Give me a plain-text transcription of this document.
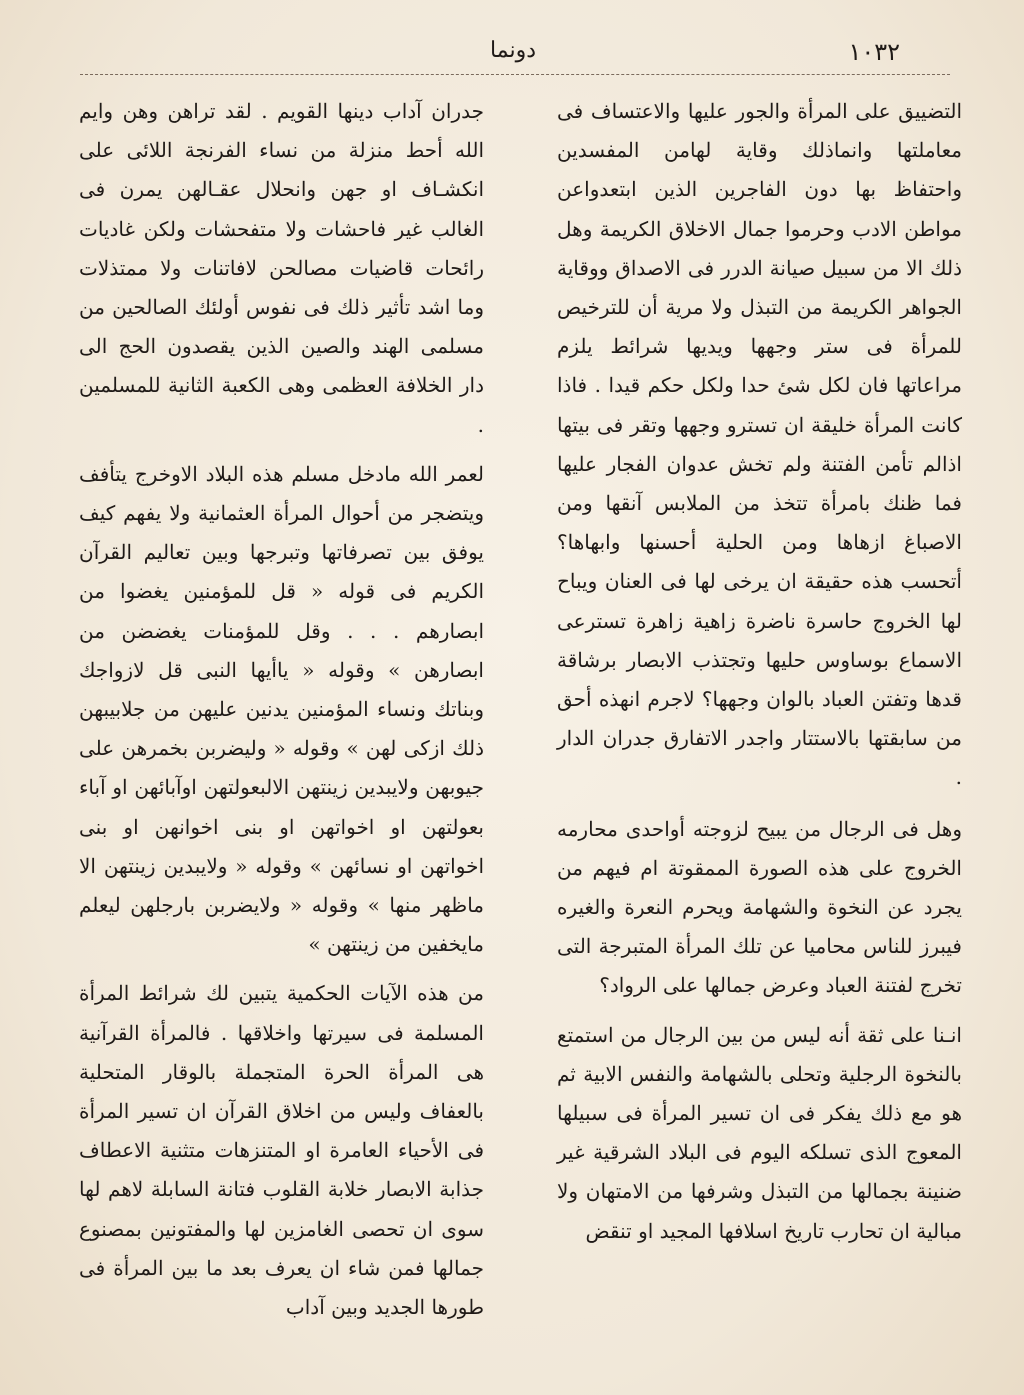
١٠٣٢
دونما

التضييق على المرأة والجور عليها والاعتساف فى معاملتها وانماذلك وقاية لهامن المفسدين واحتفاظ بها دون الفاجرين الذين ابتعدواعن مواطن الادب وحرموا جمال الاخلاق الكريمة وهل ذلك الا من سبيل صيانة الدرر فى الاصداق ووقاية الجواهر الكريمة من التبذل ولا مرية أن للترخيص للمرأة فى ستر وجهها ويديها شرائط يلزم مراعاتها فان لكل شئ حدا ولكل حكم قيدا . فاذا كانت المرأة خليقة ان تسترو وجهها وتقر فى بيتها اذالم تأمن الفتنة ولم تخش عدوان الفجار عليها فما ظنك بامرأة تتخذ من الملابس آنقها ومن الاصباغ ازهاها ومن الحلية أحسنها وابهاها؟ أتحسب هذه حقيقة ان يرخى لها فى العنان ويباح لها الخروج حاسرة ناضرة زاهية زاهرة تسترعى الاسماع بوساوس حليها وتجتذب الابصار برشاقة قدها وتفتن العباد بالوان وجهها؟ لاجرم انهذه أحق من سابقتها بالاستتار واجدر الاتفارق جدران الدار .

وهل فى الرجال من يبيح لزوجته أواحدى محارمه الخروج على هذه الصورة الممقوتة ام فيهم من يجرد عن النخوة والشهامة ويحرم النعرة والغيره فيبرز للناس محاميا عن تلك المرأة المتبرجة التى تخرج لفتنة العباد وعرض جمالها على الرواد؟

انـنا على ثقة أنه ليس من بين الرجال من استمتع بالنخوة الرجلية وتحلى بالشهامة والنفس الابية ثم هو مع ذلك يفكر فى ان تسير المرأة فى سبيلها المعوج الذى تسلكه اليوم فى البلاد الشرقية غير ضنينة بجمالها من التبذل وشرفها من الامتهان ولا مبالية ان تحارب تاريخ اسلافها المجيد او تنقض

جدران آداب دينها القويم . لقد تراهن وهن وايم الله أحط منزلة من نساء الفرنجة اللائى على انكشـاف او جهن وانحلال عقـالهن يمرن فى الغالب غير فاحشات ولا متفحشات ولكن غاديات رائحات قاضيات مصالحن لافاتنات ولا ممتذلات وما اشد تأثير ذلك فى نفوس أولئك الصالحين من مسلمى الهند والصين الذين يقصدون الحج الى دار الخلافة العظمى وهى الكعبة الثانية للمسلمين .

لعمر الله مادخل مسلم هذه البلاد الاوخرج يتأفف ويتضجر من أحوال المرأة العثمانية ولا يفهم كيف يوفق بين تصرفاتها وتبرجها وبين تعاليم القرآن الكريم فى قوله « قل للمؤمنين يغضوا من ابصارهم . . . وقل للمؤمنات يغضضن من ابصارهن » وقوله « ياأيها النبى قل لازواجك وبناتك ونساء المؤمنين يدنين عليهن من جلابيبهن ذلك ازكى لهن » وقوله « وليضربن بخمرهن على جيوبهن ولايبدين زينتهن الالبعولتهن اوآبائهن او آباء بعولتهن او اخواتهن او بنى اخوانهن او بنى اخواتهن او نسائهن » وقوله « ولايبدين زينتهن الا ماظهر منها » وقوله « ولايضربن بارجلهن ليعلم مايخفين من زينتهن »

من هذه الآيات الحكمية يتبين لك شرائط المرأة المسلمة فى سيرتها واخلاقها . فالمرأة القرآنية هى المرأة الحرة المتجملة بالوقار المتحلية بالعفاف وليس من اخلاق القرآن ان تسير المرأة فى الأحياء العامرة او المتنزهات متثنية الاعطاف جذابة الابصار خلابة القلوب فتانة السابلة لاهم لها سوى ان تحصى الغامزين لها والمفتونين بمصنوع جمالها فمن شاء ان يعرف بعد ما بين المرأة فى طورها الجديد وبين آداب
